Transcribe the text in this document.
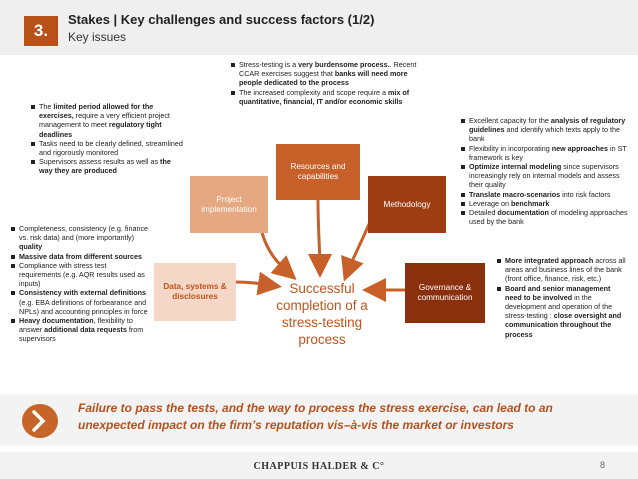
3.
Stakes | Key challenges and success factors (1/2)
Key issues
Data, systems & disclosures
Project implementation
Resources and capabilities
Methodology
Governance & communication
Successful completion of a stress-testing process
The limited period allowed for the exercises, require a very efficient project management to meet regulatory tight deadlines
Tasks need to be clearly defined, streamlined and rigorously monitored
Supervisors assess results as well as the way they are produced
Stress-testing is a very burdensome process.. Recent CCAR exercises suggest that banks will need more people dedicated to the process
The increased complexity and scope require a mix of quantitative, financial, IT and/or economic skills
Excellent capacity for the analysis of regulatory guidelines and identify which texts apply to the bank
Flexibility in incorporating new approaches in ST framework is key
Optimize internal modeling since supervisors increasingly rely on internal models and assess their quality
Translate macro-scenarios into risk factors
Leverage on benchmark
Detailed documentation of modeling approaches used by the bank
Completeness, consistency (e.g. finance vs. risk data) and (more importantly) quality
Massive data from different sources
Compliance with stress test requirements (e.g. AQR results used as inputs)
Consistency with external definitions (e.g. EBA definitions of forbearance and NPLs) and accounting principles in force
Heavy documentation, flexibility to answer additional data requests from supervisors
More integrated approach across all areas and business lines of the bank (front office, finance, risk, etc.)
Board and senior management need to be involved in the development and operation of the stress-testing : close oversight and communication throughout the process
Failure to pass the tests, and the way to process the stress exercise, can lead to an unexpected impact on the firm’s reputation vis–à-vis the market or investors
CHAPPUIS HALDER & C°	8
